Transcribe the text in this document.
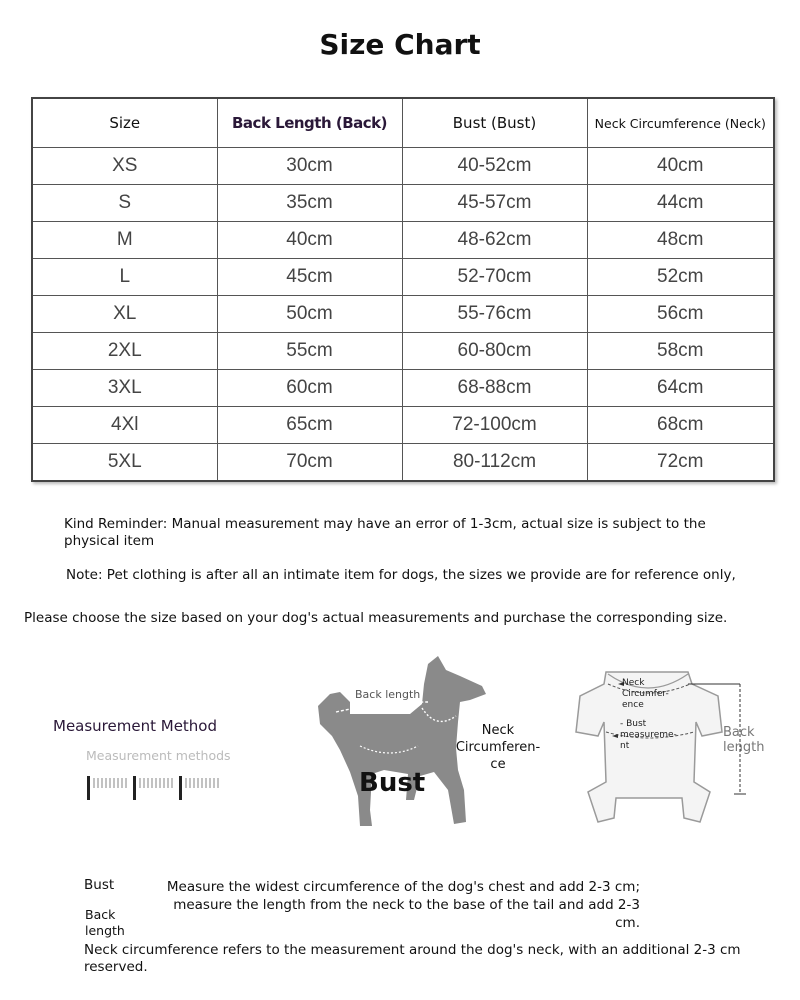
Size Chart
Size	Back Length (Back)	Bust (Bust)	Neck Circumference (Neck)
XS	30cm	40-52cm	40cm
S	35cm	45-57cm	44cm
M	40cm	48-62cm	48cm
L	45cm	52-70cm	52cm
XL	50cm	55-76cm	56cm
2XL	55cm	60-80cm	58cm
3XL	60cm	68-88cm	64cm
4Xl	65cm	72-100cm	68cm
5XL	70cm	80-112cm	72cm
Kind Reminder: Manual measurement may have an error of 1-3cm, actual size is subject to the physical item
Note: Pet clothing is after all an intimate item for dogs, the sizes we provide are for reference only,
Please choose the size based on your dog's actual measurements and purchase the corresponding size.
Measurement Method
Measurement methods
Back length
Neck Circumferen-ce
Bust
Neck Circumfer-ence
- Bust measureme-nt
Back length
Bust
Back length
Measure the widest circumference of the dog's chest and add 2-3 cm;
measure the length from the neck to the base of the tail and add 2-3 cm.
Neck circumference refers to the measurement around the dog's neck, with an additional 2-3 cm reserved.
